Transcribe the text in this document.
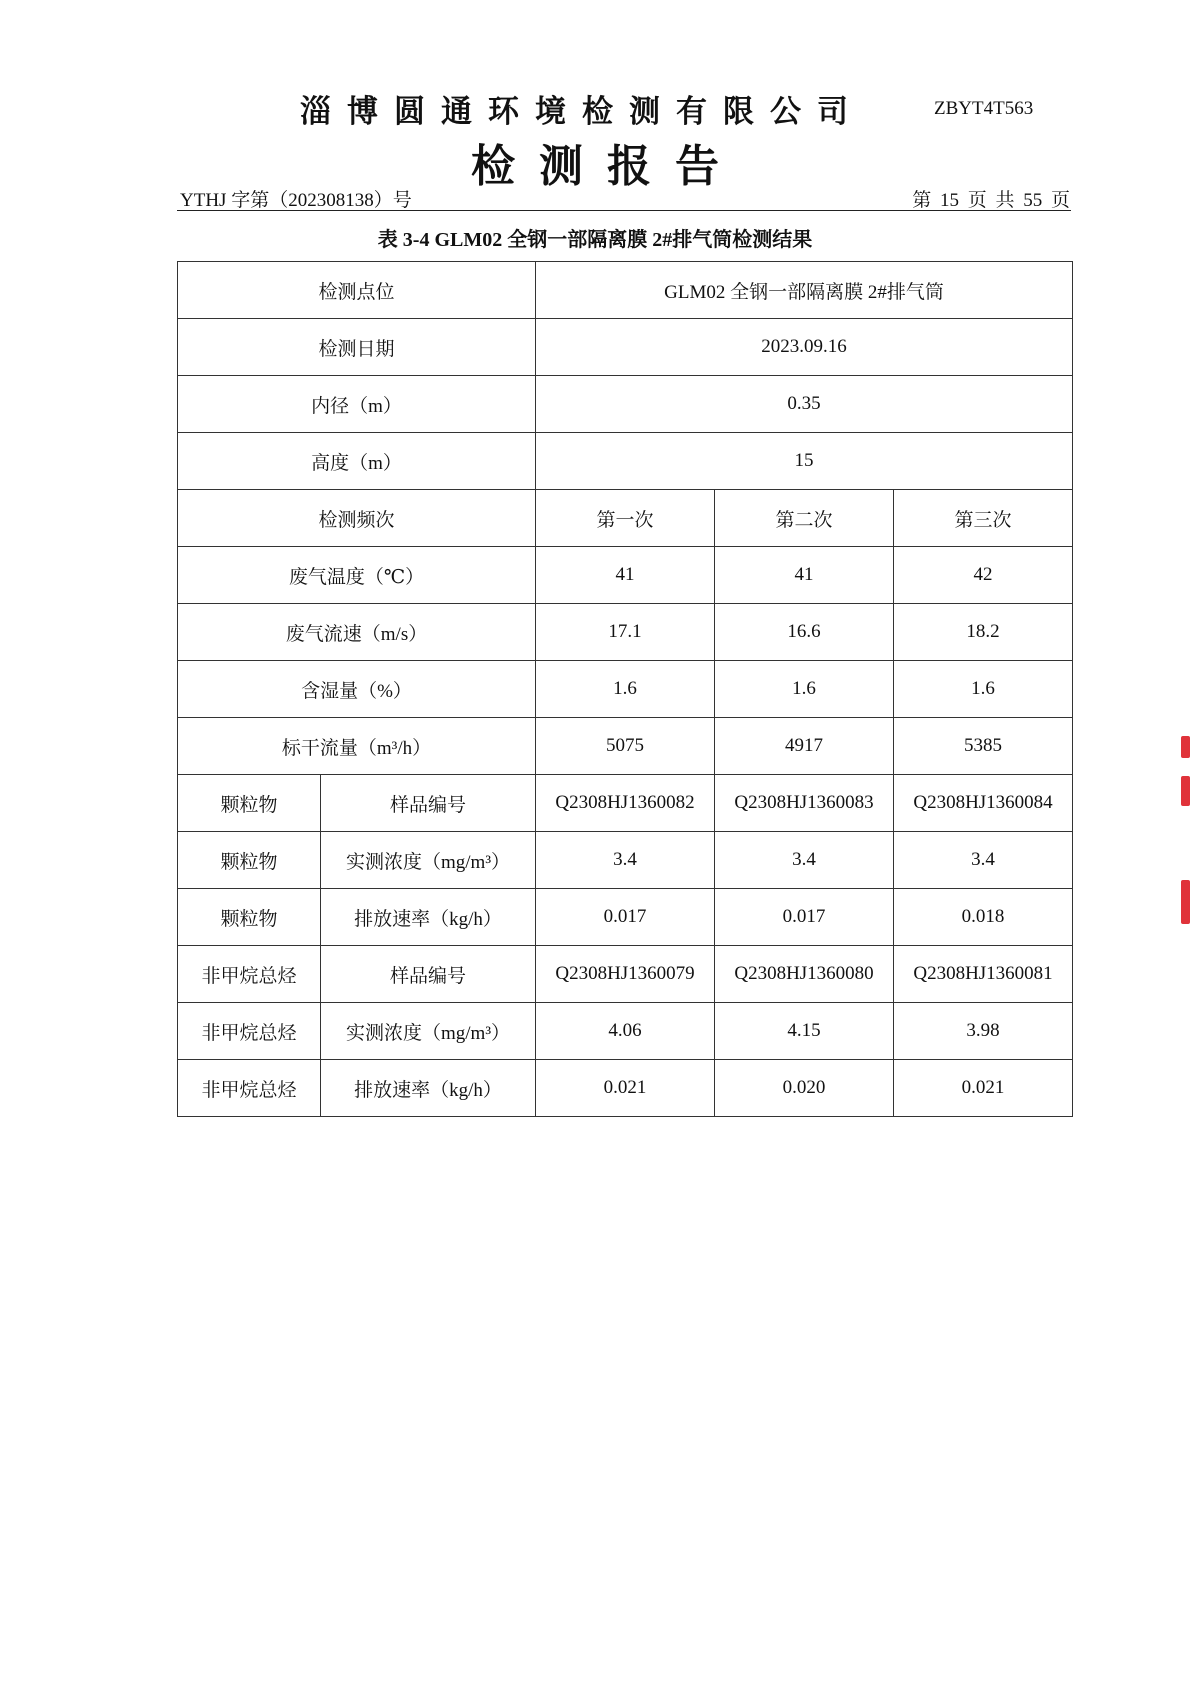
淄博圆通环境检测有限公司	ZBYT4T563
检测报告
YTHJ 字第（202308138）号	第 15 页 共 55 页
表 3-4 GLM02 全钢一部隔离膜 2#排气筒检测结果
检测点位		GLM02 全钢一部隔离膜 2#排气筒		
检测日期		2023.09.16		
内径（m）		0.35		
高度（m）		15		
检测频次		第一次	第二次	第三次
废气温度（℃）		41	41	42
废气流速（m/s）		17.1	16.6	18.2
含湿量（%）		1.6	1.6	1.6
标干流量（m³/h）		5075	4917	5385
颗粒物	样品编号	Q2308HJ1360082	Q2308HJ1360083	Q2308HJ1360084
颗粒物	实测浓度（mg/m³）	3.4	3.4	3.4
颗粒物	排放速率（kg/h）	0.017	0.017	0.018
非甲烷总烃	样品编号	Q2308HJ1360079	Q2308HJ1360080	Q2308HJ1360081
非甲烷总烃	实测浓度（mg/m³）	4.06	4.15	3.98
非甲烷总烃	排放速率（kg/h）	0.021	0.020	0.021
